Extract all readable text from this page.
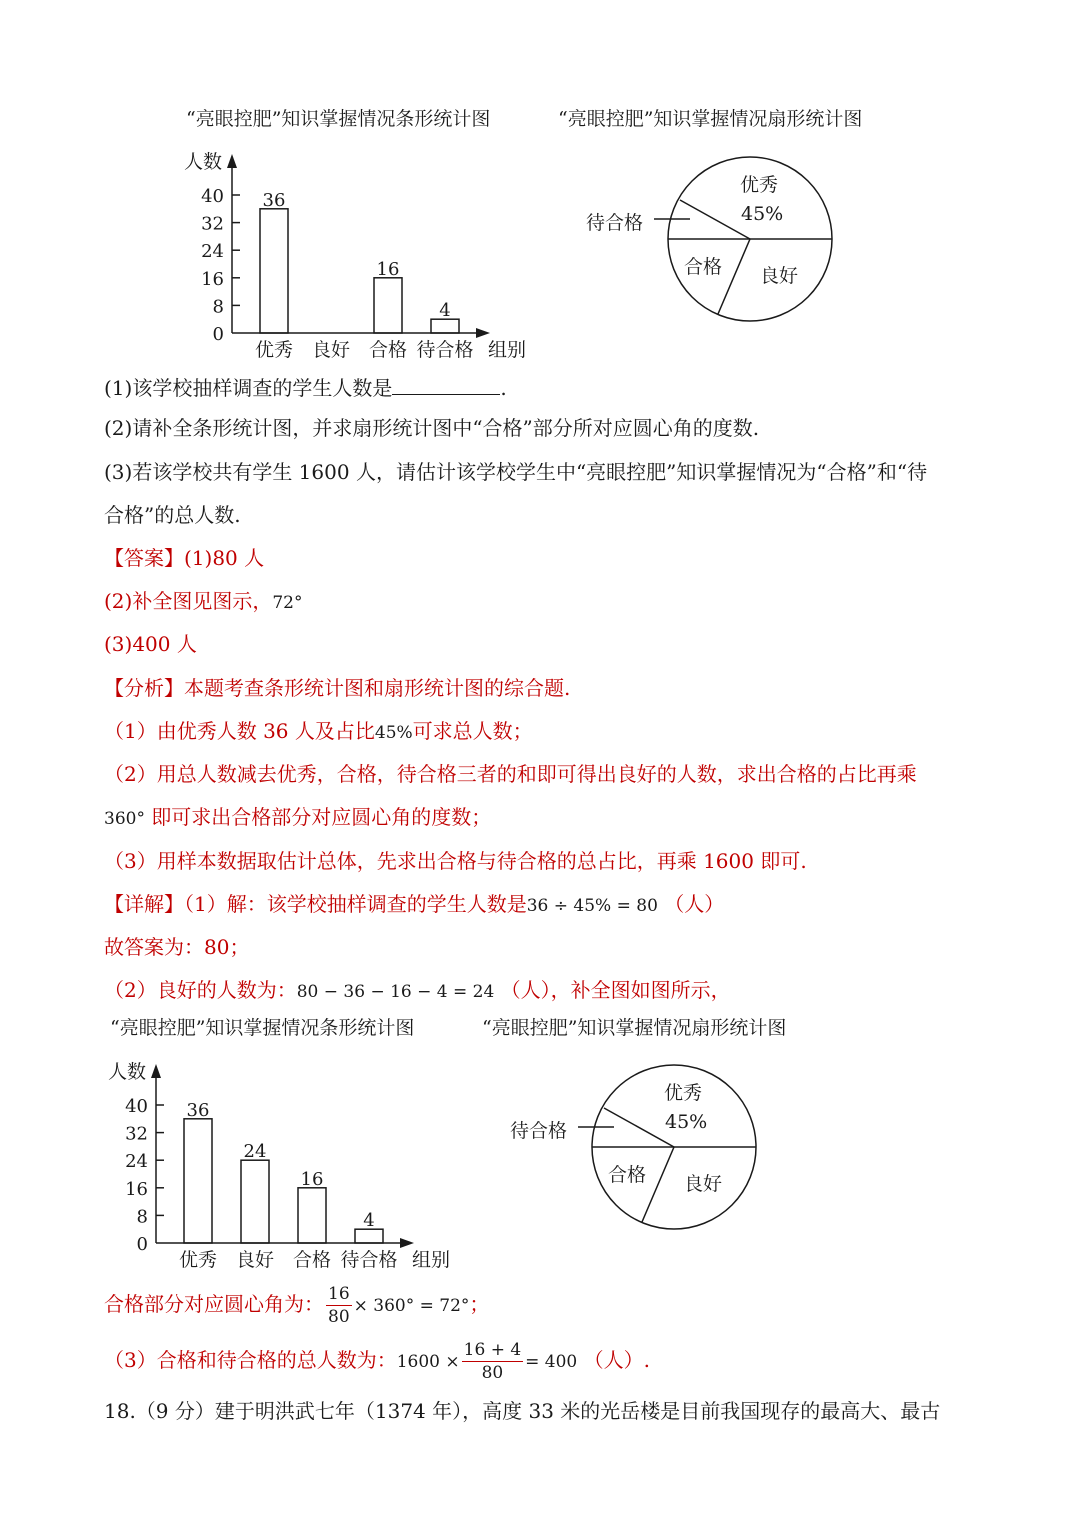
“亮眼控肥”知识掌握情况条形统计图	“亮眼控肥”知识掌握情况扇形统计图
人数
组别
0
8
16
24
32
40
优秀 良好 合格 待合格
36
16
4
优秀
45%
待合格
合格 良好
(1)该学校抽样调查的学生人数是	.
(2)请补全条形统计图，并求扇形统计图中“合格”部分所对应圆心角的度数.
(3)若该学校共有学生 1600 人，请估计该学校学生中“亮眼控肥”知识掌握情况为“合格”和“待
合格”的总人数.
【答案】(1)80 人
(2)补全图见图示，72°
(3)400 人
【分析】本题考查条形统计图和扇形统计图的综合题.
（1）由优秀人数 36 人及占比45%可求总人数；
（2）用总人数减去优秀，合格，待合格三者的和即可得出良好的人数，求出合格的占比再乘
360° 即可求出合格部分对应圆心角的度数；
（3）用样本数据取估计总体，先求出合格与待合格的总占比，再乘 1600 即可.
【详解】（1）解：该学校抽样调查的学生人数是36 ÷ 45% = 80 （人）
故答案为：80；
（2）良好的人数为：80 − 36 − 16 − 4 = 24 （人），补全图如图所示，
“亮眼控肥”知识掌握情况条形统计图	“亮眼控肥”知识掌握情况扇形统计图
人数
组别
0
8
16
24
32
40
优秀 良好 合格 待合格
36
24
16
4
优秀
45%
待合格
合格 良好
合格部分对应圆心角为： $\frac{16}{80} \times 360^\circ = 72^\circ$；
（3）合格和待合格的总人数为：$1600 \times \frac{16 + 4}{80} = 400$ （人）.
18.（9 分）建于明洪武七年（1374 年），高度 33 米的光岳楼是目前我国现存的最高大、最古
